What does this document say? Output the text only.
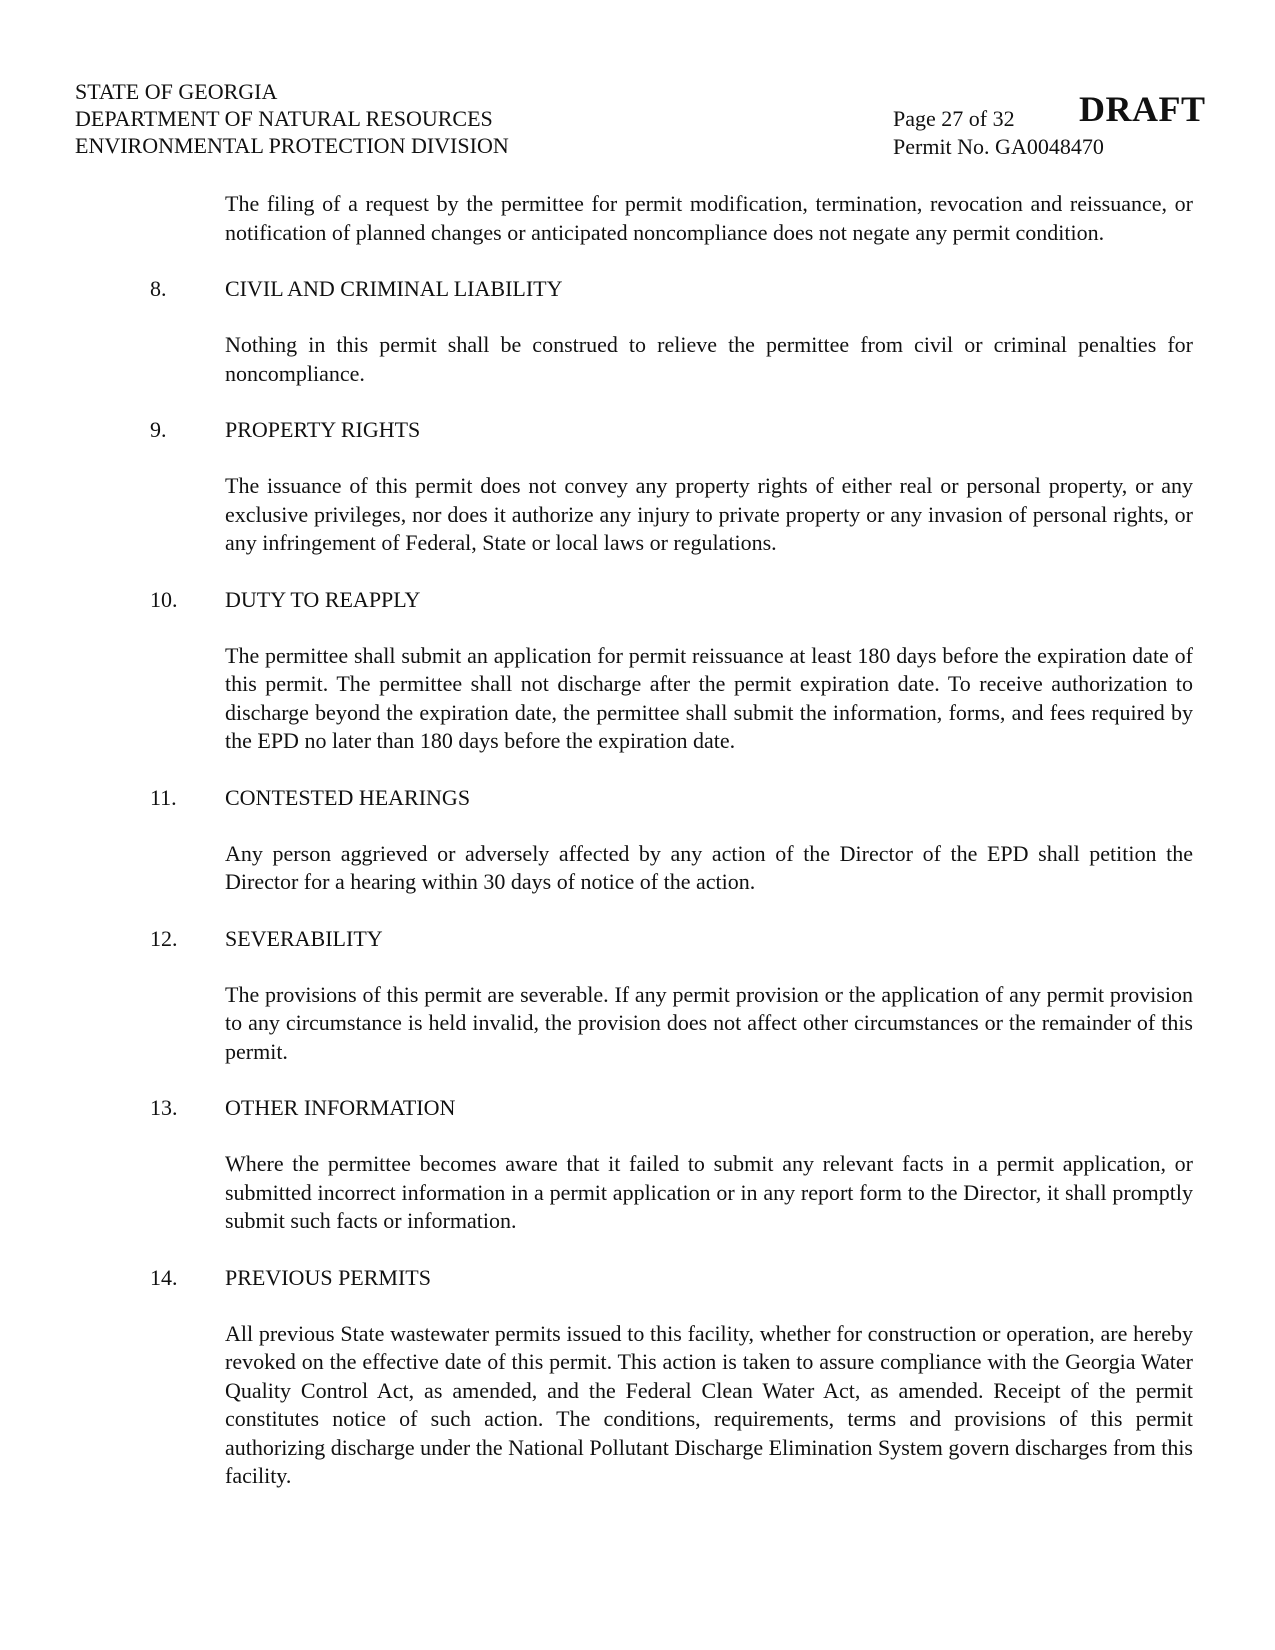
STATE OF GEORGIA
DEPARTMENT OF NATURAL RESOURCES
ENVIRONMENTAL PROTECTION DIVISION
Page 27 of 32
Permit No. GA0048470
DRAFT

The filing of a request by the permittee for permit modification, termination, revocation and reissuance, or notification of planned changes or anticipated noncompliance does not negate any permit condition.

8.	CIVIL AND CRIMINAL LIABILITY

Nothing in this permit shall be construed to relieve the permittee from civil or criminal penalties for noncompliance.

9.	PROPERTY RIGHTS

The issuance of this permit does not convey any property rights of either real or personal property, or any exclusive privileges, nor does it authorize any injury to private property or any invasion of personal rights, or any infringement of Federal, State or local laws or regulations.

10. DUTY TO REAPPLY

The permittee shall submit an application for permit reissuance at least 180 days before the expiration date of this permit. The permittee shall not discharge after the permit expiration date. To receive authorization to discharge beyond the expiration date, the permittee shall submit the information, forms, and fees required by the EPD no later than 180 days before the expiration date.

11. CONTESTED HEARINGS

Any person aggrieved or adversely affected by any action of the Director of the EPD shall petition the Director for a hearing within 30 days of notice of the action.

12. SEVERABILITY

The provisions of this permit are severable. If any permit provision or the application of any permit provision to any circumstance is held invalid, the provision does not affect other circumstances or the remainder of this permit.

13. OTHER INFORMATION

Where the permittee becomes aware that it failed to submit any relevant facts in a permit application, or submitted incorrect information in a permit application or in any report form to the Director, it shall promptly submit such facts or information.

14. PREVIOUS PERMITS

All previous State wastewater permits issued to this facility, whether for construction or operation, are hereby revoked on the effective date of this permit. This action is taken to assure compliance with the Georgia Water Quality Control Act, as amended, and the Federal Clean Water Act, as amended. Receipt of the permit constitutes notice of such action. The conditions, requirements, terms and provisions of this permit authorizing discharge under the National Pollutant Discharge Elimination System govern discharges from this facility.
